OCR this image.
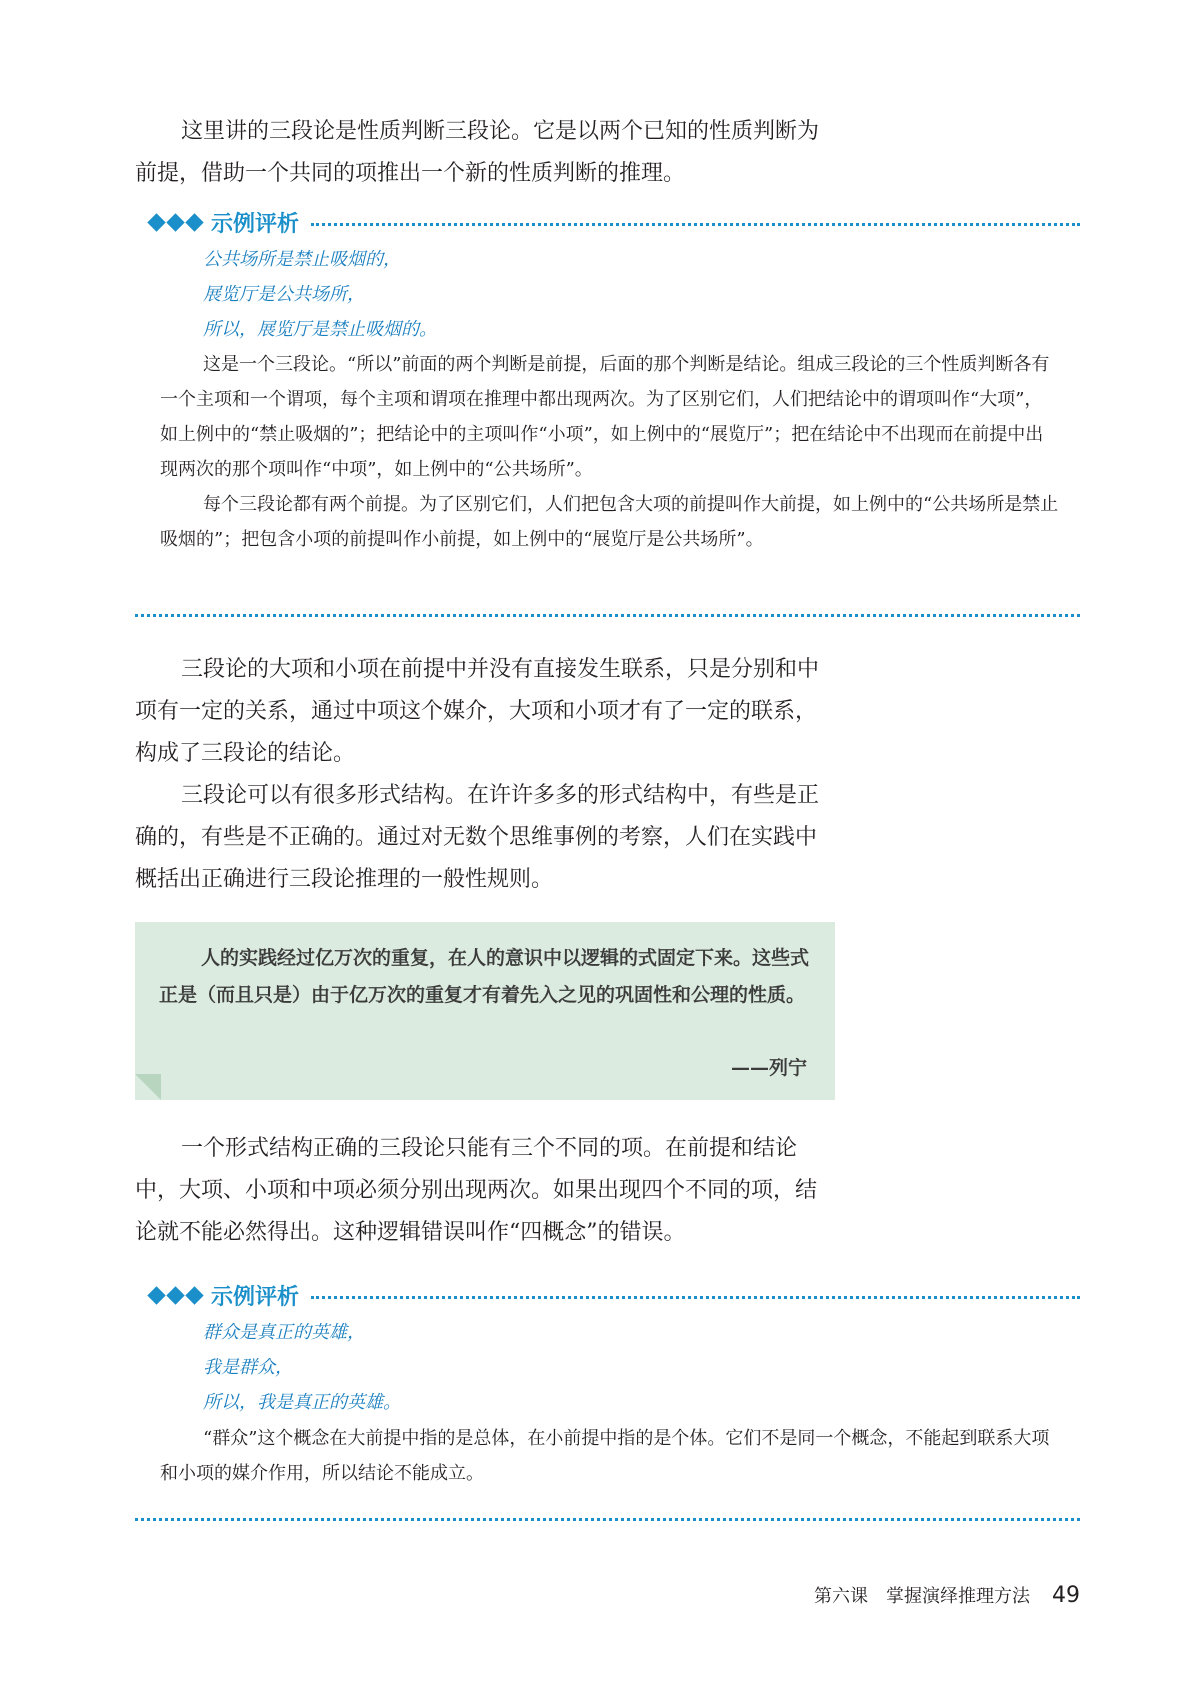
这里讲的三段论是性质判断三段论。它是以两个已知的性质判断为前提，借助一个共同的项推出一个新的性质判断的推理。

示例评析
公共场所是禁止吸烟的，
展览厅是公共场所，
所以，展览厅是禁止吸烟的。

这是一个三段论。“所以”前面的两个判断是前提，后面的那个判断是结论。组成三段论的三个性质判断各有一个主项和一个谓项，每个主项和谓项在推理中都出现两次。为了区别它们，人们把结论中的谓项叫作“大项”，如上例中的“禁止吸烟的”；把结论中的主项叫作“小项”，如上例中的“展览厅”；把在结论中不出现而在前提中出现两次的那个项叫作“中项”，如上例中的“公共场所”。

每个三段论都有两个前提。为了区别它们，人们把包含大项的前提叫作大前提，如上例中的“公共场所是禁止吸烟的”；把包含小项的前提叫作小前提，如上例中的“展览厅是公共场所”。

三段论的大项和小项在前提中并没有直接发生联系，只是分别和中项有一定的关系，通过中项这个媒介，大项和小项才有了一定的联系，构成了三段论的结论。

三段论可以有很多形式结构。在许许多多的形式结构中，有些是正确的，有些是不正确的。通过对无数个思维事例的考察，人们在实践中概括出正确进行三段论推理的一般性规则。

人的实践经过亿万次的重复，在人的意识中以逻辑的式固定下来。这些式正是（而且只是）由于亿万次的重复才有着先入之见的巩固性和公理的性质。

——列宁

一个形式结构正确的三段论只能有三个不同的项。在前提和结论中，大项、小项和中项必须分别出现两次。如果出现四个不同的项，结论就不能必然得出。这种逻辑错误叫作“四概念”的错误。

示例评析
群众是真正的英雄，
我是群众，
所以，我是真正的英雄。

“群众”这个概念在大前提中指的是总体，在小前提中指的是个体。它们不是同一个概念，不能起到联系大项和小项的媒介作用，所以结论不能成立。

第六课　掌握演绎推理方法 49
